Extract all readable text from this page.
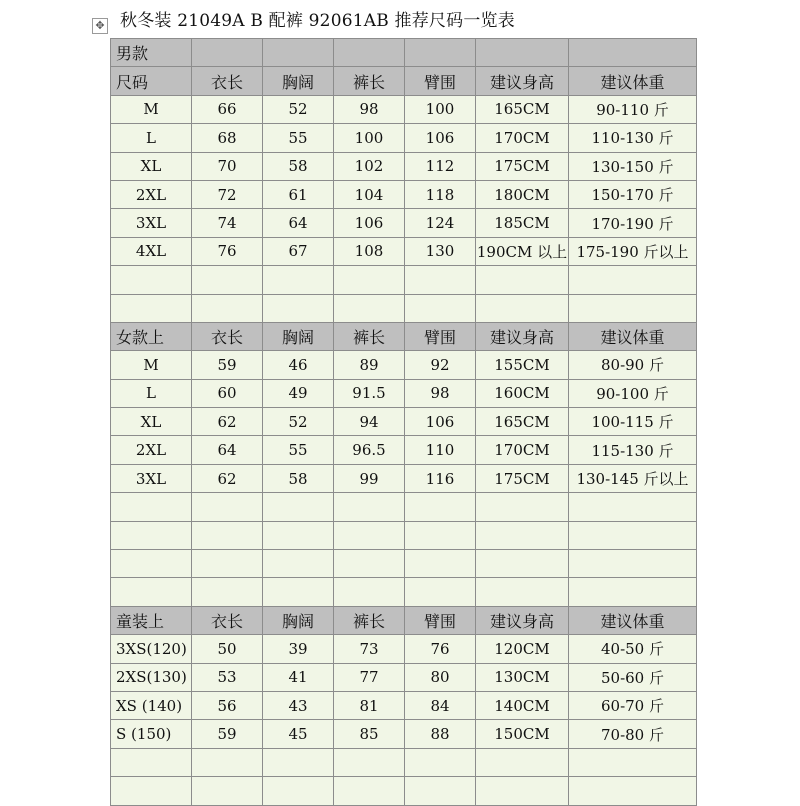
✥ 秋冬装 21049A B 配裤 92061AB 推荐尺码一览表
男款						
尺码	衣长	胸阔	裤长	臂围	建议身高	建议体重
M	66	52	98	100	165CM	90-110 斤
L	68	55	100	106	170CM	110-130 斤
XL	70	58	102	112	175CM	130-150 斤
2XL	72	61	104	118	180CM	150-170 斤
3XL	74	64	106	124	185CM	170-190 斤
4XL	76	67	108	130	190CM 以上	175-190 斤以上

女款上	衣长	胸阔	裤长	臂围	建议身高	建议体重
M	59	46	89	92	155CM	80-90 斤
L	60	49	91.5	98	160CM	90-100 斤
XL	62	52	94	106	165CM	100-115 斤
2XL	64	55	96.5	110	170CM	115-130 斤
3XL	62	58	99	116	175CM	130-145 斤以上

童装上	衣长	胸阔	裤长	臂围	建议身高	建议体重
3XS(120)	50	39	73	76	120CM	40-50 斤
2XS(130)	53	41	77	80	130CM	50-60 斤
XS (140)	56	43	81	84	140CM	60-70 斤
S (150)	59	45	85	88	150CM	70-80 斤
